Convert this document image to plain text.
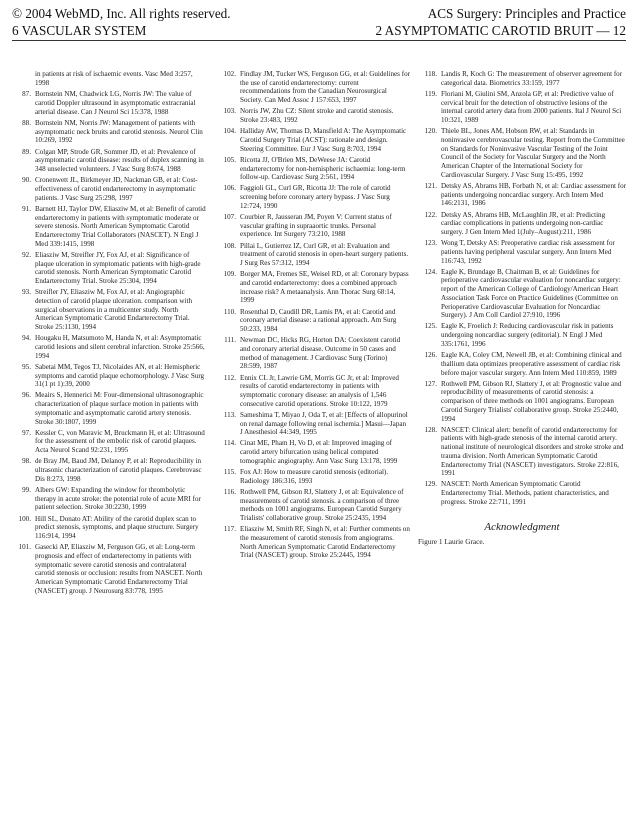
© 2004 WebMD, Inc. All rights reserved.	ACS Surgery: Principles and Practice
6 VASCULAR SYSTEM	2 ASYMPTOMATIC CAROTID BRUIT — 12
in patients at risk of ischaemic events. Vasc Med 3:257, 1998
87. Bornstein NM, Chadwick LG, Norris JW: The value of carotid Doppler ultrasound in asymptomatic extracranial arterial disease. Can J Neurol Sci 15:378, 1988
88. Bornstein NM, Norris JW: Management of patients with asymptomatic neck bruits and carotid stenosis. Neurol Clin 10:269, 1992
89. Colgan MP, Strode GR, Sommer JD, et al: Prevalence of asymptomatic carotid disease: results of duplex scanning in 348 unselected volunteers. J Vasc Surg 8:674, 1988
90. Cronenwett JL, Birkmeyer JD, Nackman GB, et al: Cost-effectiveness of carotid endarterectomy in asymptomatic patients. J Vasc Surg 25:298, 1997
91. Barnett HJ, Taylor DW, Eliasziw M, et al: Benefit of carotid endarterectomy in patients with symptomatic moderate or severe stenosis. North American Symptomatic Carotid Endarterectomy Trial Collaborators (NASCET). N Engl J Med 339:1415, 1998
92. Eliasziw M, Streifler JY, Fox AJ, et al: Significance of plaque ulceration in symptomatic patients with high-grade carotid stenosis. North American Symptomatic Carotid Endarterectomy Trial. Stroke 25:304, 1994
93. Streifler JY, Eliasziw M, Fox AJ, et al: Angiographic detection of carotid plaque ulceration. comparison with surgical observations in a multicenter study. North American Symptomatic Carotid Endarterectomy Trial. Stroke 25:1130, 1994
94. Hougaku H, Matsumoto M, Handa N, et al: Asymptomatic carotid lesions and silent cerebral infarction. Stroke 25:566, 1994
95. Sabetai MM, Tegos TJ, Nicolaides AN, et al: Hemispheric symptoms and carotid plaque echomorphology. J Vasc Surg 31(1 pt 1):39, 2000
96. Meairs S, Hennerici M: Four-dimensional ultrasonographic characterization of plaque surface motion in patients with symptomatic and asymptomatic carotid artery stenosis. Stroke 30:1807, 1999
97. Kessler C, von Maravic M, Bruckmann H, et al: Ultrasound for the assessment of the embolic risk of carotid plaques. Acta Neurol Scand 92:231, 1995
98. de Bray JM, Baud JM, Delanoy P, et al: Reproducibility in ultrasonic characterization of carotid plaques. Cerebrovasc Dis 8:273, 1998
99. Albers GW: Expanding the window for thrombolytic therapy in acute stroke: the potential role of acute MRI for patient selection. Stroke 30:2230, 1999
100. Hill SL, Donato AT: Ability of the carotid duplex scan to predict stenosis, symptoms, and plaque structure. Surgery 116:914, 1994
101. Gasecki AP, Eliasziw M, Ferguson GG, et al: Long-term prognosis and effect of endarterectomy in patients with symptomatic severe carotid stenosis and contralateral carotid stenosis or occlusion: results from NASCET. North American Symptomatic Carotid Endarterectomy Trial (NASCET) group. J Neurosurg 83:778, 1995
102. Findlay JM, Tucker WS, Ferguson GG, et al: Guidelines for the use of carotid endarterectomy: current recommendations from the Canadian Neurosurgical Society. Can Med Assoc J 157:653, 1997
103. Norris JW, Zhu CZ: Silent stroke and carotid stenosis. Stroke 23:483, 1992
104. Halliday AW, Thomas D, Mansfield A: The Asymptomatic Carotid Surgery Trial (ACST): rationale and design. Steering Committee. Eur J Vasc Surg 8:703, 1994
105. Ricotta JJ, O'Brien MS, DeWeese JA: Carotid endarterectomy for non-hemispheric ischaemia: long-term follow-up. Cardiovasc Surg 2:561, 1994
106. Faggioli GL, Curl GR, Ricotta JJ: The role of carotid screening before coronary artery bypass. J Vasc Surg 12:724, 1990
107. Courbier R, Jausseran JM, Poyen V: Current status of vascular grafting in supraaortic trunks. Personal experience. Int Surgery 73:210, 1988
108. Pillai L, Gutierrez IZ, Curl GR, et al: Evaluation and treatment of carotid stenosis in open-heart surgery patients. J Surg Res 57:312, 1994
109. Borger MA, Fremes SE, Weisel RD, et al: Coronary bypass and carotid endarterectomy: does a combined approach increase risk? A metaanalysis. Ann Thorac Surg 68:14, 1999
110. Rosenthal D, Caudill DR, Lamis PA, et al: Carotid and coronary arterial disease: a rational approach. Am Surg 50:233, 1984
111. Newman DC, Hicks RG, Horton DA: Coexistent carotid and coronary arterial disease. Outcome in 50 cases and method of management. J Cardiovasc Surg (Torino) 28:599, 1987
112. Ennix CL Jr, Lawrie GM, Morris GC Jr, et al: Improved results of carotid endarterectomy in patients with symptomatic coronary disease: an analysis of 1,546 consecutive carotid operations. Stroke 10:122, 1979
113. Sameshima T, Miyao J, Oda T, et al: [Effects of allopurinol on renal damage following renal ischemia.] Masui—Japan J Anesthesiol 44:349, 1995
114. Cinat ME, Pham H, Vo D, et al: Improved imaging of carotid artery bifurcation using helical computed tomographic angiography. Ann Vasc Surg 13:178, 1999
115. Fox AJ: How to measure carotid stenosis (editorial). Radiology 186:316, 1993
116. Rothwell PM, Gibson RJ, Slattery J, et al: Equivalence of measurements of carotid stenosis. a comparison of three methods on 1001 angiograms. European Carotid Surgery Trialists' collaborative group. Stroke 25:2435, 1994
117. Eliasziw M, Smith RF, Singh N, et al: Further comments on the measurement of carotid stenosis from angiograms. North American Symptomatic Carotid Endarterectomy Trial (NASCET) group. Stroke 25:2445, 1994
118. Landis R, Koch G: The measurement of observer agreement for categorical data. Biometrics 33:159, 1977
119. Floriani M, Giulini SM, Anzola GP, et al: Predictive value of cervical bruit for the detection of obstructive lesions of the internal carotid artery data from 2000 patients. Ital J Neurol Sci 10:321, 1989
120. Thiele BL, Jones AM, Hobson RW, et al: Standards in noninvasive cerebrovascular testing. Report from the Committee on Standards for Noninvasive Vascular Testing of the Joint Council of the Society for Vascular Surgery and the North American Chapter of the International Society for Cardiovascular Surgery. J Vasc Surg 15:495, 1992
121. Detsky AS, Abrams HB, Forbath N, et al: Cardiac assessment for patients undergoing noncardiac surgery. Arch Intern Med 146:2131, 1986
122. Detsky AS, Abrams HB, McLaughlin JR, et al: Predicting cardiac complications in patients undergoing non-cardiac surgery. J Gen Intern Med 1(July–August):211, 1986
123. Wong T, Detsky AS: Preoperative cardiac risk assessment for patients having peripheral vascular surgery. Ann Intern Med 116:743, 1992
124. Eagle K, Brundage B, Chaitman B, et al: Guidelines for perioperative cardiovascular evaluation for noncardiac surgery: report of the American College of Cardiology/American Heart Association Task Force on Practice Guidelines (Committee on Perioperative Cardiovascular Evaluation for Noncardiac Surgery). J Am Coll Cardiol 27:910, 1996
125. Eagle K, Froelich J: Reducing cardiovascular risk in patients undergoing noncardiac surgery (editorial). N Engl J Med 335:1761, 1996
126. Eagle KA, Coley CM, Newell JB, et al: Combining clinical and thallium data optimizes preoperative assessment of cardiac risk before major vascular surgery. Ann Intern Med 110:859, 1989
127. Rothwell PM, Gibson RJ, Slattery J, et al: Prognostic value and reproducibility of measurements of carotid stenosis: a comparison of three methods on 1001 angiograms. European Carotid Surgery Trialists' collaborative group. Stroke 25:2440, 1994
128. NASCET: Clinical alert: benefit of carotid endarterectomy for patients with high-grade stenosis of the internal carotid artery. national institute of neurological disorders and stroke stroke and trauma division. North American Symptomatic Carotid Endarterectomy Trial (NASCET) investigators. Stroke 22:816, 1991
129. NASCET: North American Symptomatic Carotid Endarterectomy Trial. Methods, patient characteristics, and progress. Stroke 22:711, 1991
Acknowledgment
Figure 1 Laurie Grace.
